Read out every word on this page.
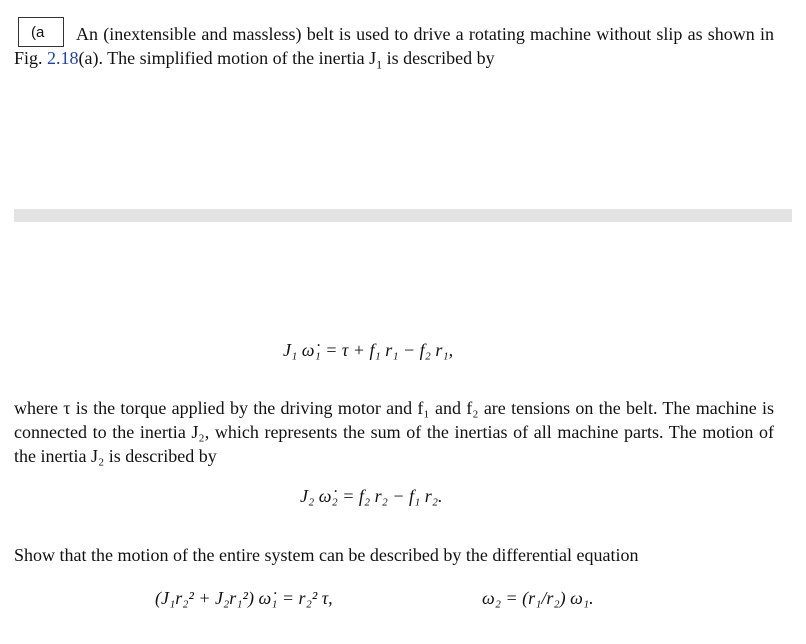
(a	An (inextensible and massless) belt is used to drive a rotating machine without slip as shown in Fig. 2.18(a). The simplified motion of the inertia $J_1$ is described by
J₁ ω̇₁ = τ + f₁ r₁ − f₂ r₁,
where τ is the torque applied by the driving motor and f₁ and f₂ are tensions on the belt. The machine is connected to the inertia J₂, which represents the sum of the inertias of all machine parts. The motion of the inertia J₂ is described by
J₂ ω̇₂ = f₂ r₂ − f₁ r₂.
Show that the motion of the entire system can be described by the differential equation
(J₁r₂² + J₂r₁²) ω̇₁ = r₂² τ,	ω₂ = (r₁/r₂) ω₁.
